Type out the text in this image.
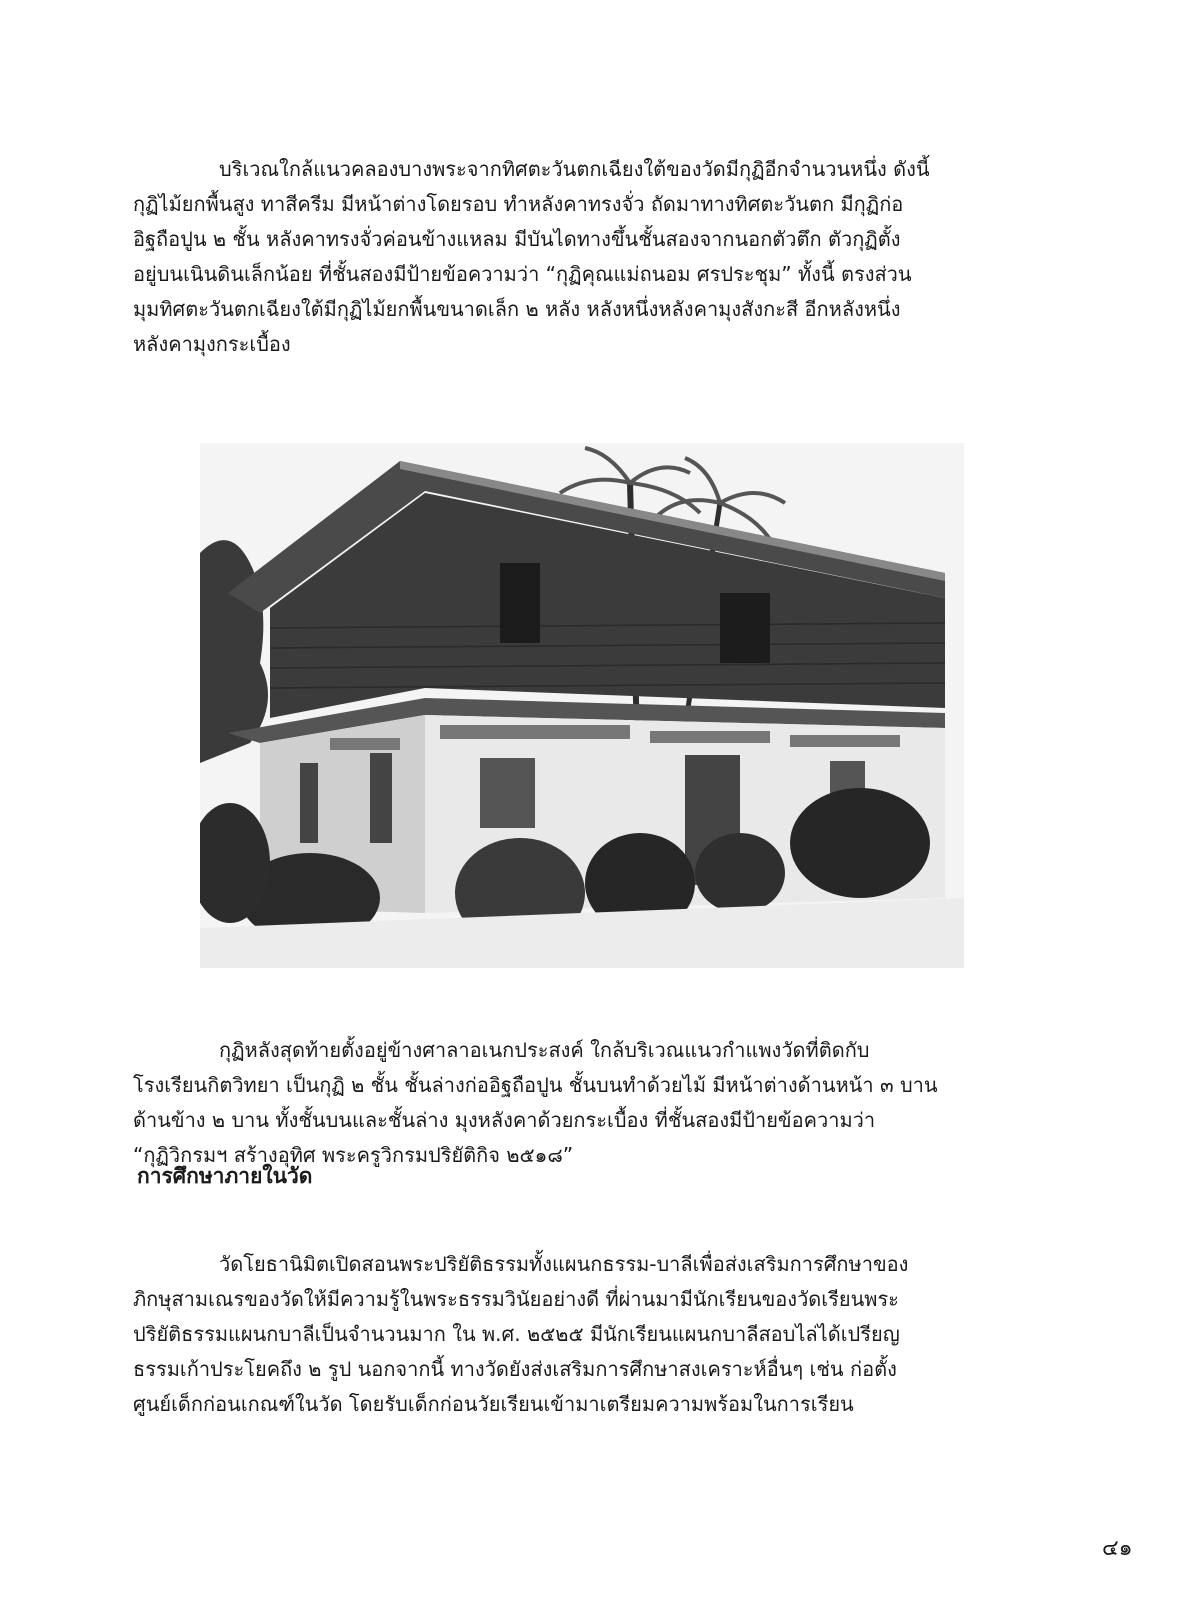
บริเวณใกล้แนวคลองบางพระจากทิศตะวันตกเฉียงใต้ของวัดมีกุฏิอีกจำนวนหนึ่ง ดังนี้
กุฏิไม้ยกพื้นสูง ทาสีครีม มีหน้าต่างโดยรอบ ทำหลังคาทรงจั่ว ถัดมาทางทิศตะวันตก มีกุฏิก่อ
อิฐถือปูน ๒ ชั้น หลังคาทรงจั่วค่อนข้างแหลม มีบันไดทางขึ้นชั้นสองจากนอกตัวตึก ตัวกุฏิตั้ง
อยู่บนเนินดินเล็กน้อย ที่ชั้นสองมีป้ายข้อความว่า “กุฏิคุณแม่ถนอม ศรประชุม” ทั้งนี้ ตรงส่วน
มุมทิศตะวันตกเฉียงใต้มีกุฏิไม้ยกพื้นขนาดเล็ก ๒ หลัง หลังหนึ่งหลังคามุงสังกะสี อีกหลังหนึ่ง
หลังคามุงกระเบื้อง

กุฏิหลังสุดท้ายตั้งอยู่ข้างศาลาอเนกประสงค์ ใกล้บริเวณแนวกำแพงวัดที่ติดกับ
โรงเรียนกิตวิทยา เป็นกุฏิ ๒ ชั้น ชั้นล่างก่ออิฐถือปูน ชั้นบนทำด้วยไม้ มีหน้าต่างด้านหน้า ๓ บาน
ด้านข้าง ๒ บาน ทั้งชั้นบนและชั้นล่าง มุงหลังคาด้วยกระเบื้อง ที่ชั้นสองมีป้ายข้อความว่า
“กุฏิวิกรมฯ สร้างอุทิศ พระครูวิกรมปริยัติกิจ ๒๕๑๘”

การศึกษาภายในวัด

วัดโยธานิมิตเปิดสอนพระปริยัติธรรมทั้งแผนกธรรม-บาลีเพื่อส่งเสริมการศึกษาของ
ภิกษุสามเณรของวัดให้มีความรู้ในพระธรรมวินัยอย่างดี ที่ผ่านมามีนักเรียนของวัดเรียนพระ
ปริยัติธรรมแผนกบาลีเป็นจำนวนมาก ใน พ.ศ. ๒๕๒๕ มีนักเรียนแผนกบาลีสอบไล่ได้เปรียญ
ธรรมเก้าประโยคถึง ๒ รูป นอกจากนี้ ทางวัดยังส่งเสริมการศึกษาสงเคราะห์อื่นๆ เช่น ก่อตั้ง
ศูนย์เด็กก่อนเกณฑ์ในวัด โดยรับเด็กก่อนวัยเรียนเข้ามาเตรียมความพร้อมในการเรียน

๔๑
